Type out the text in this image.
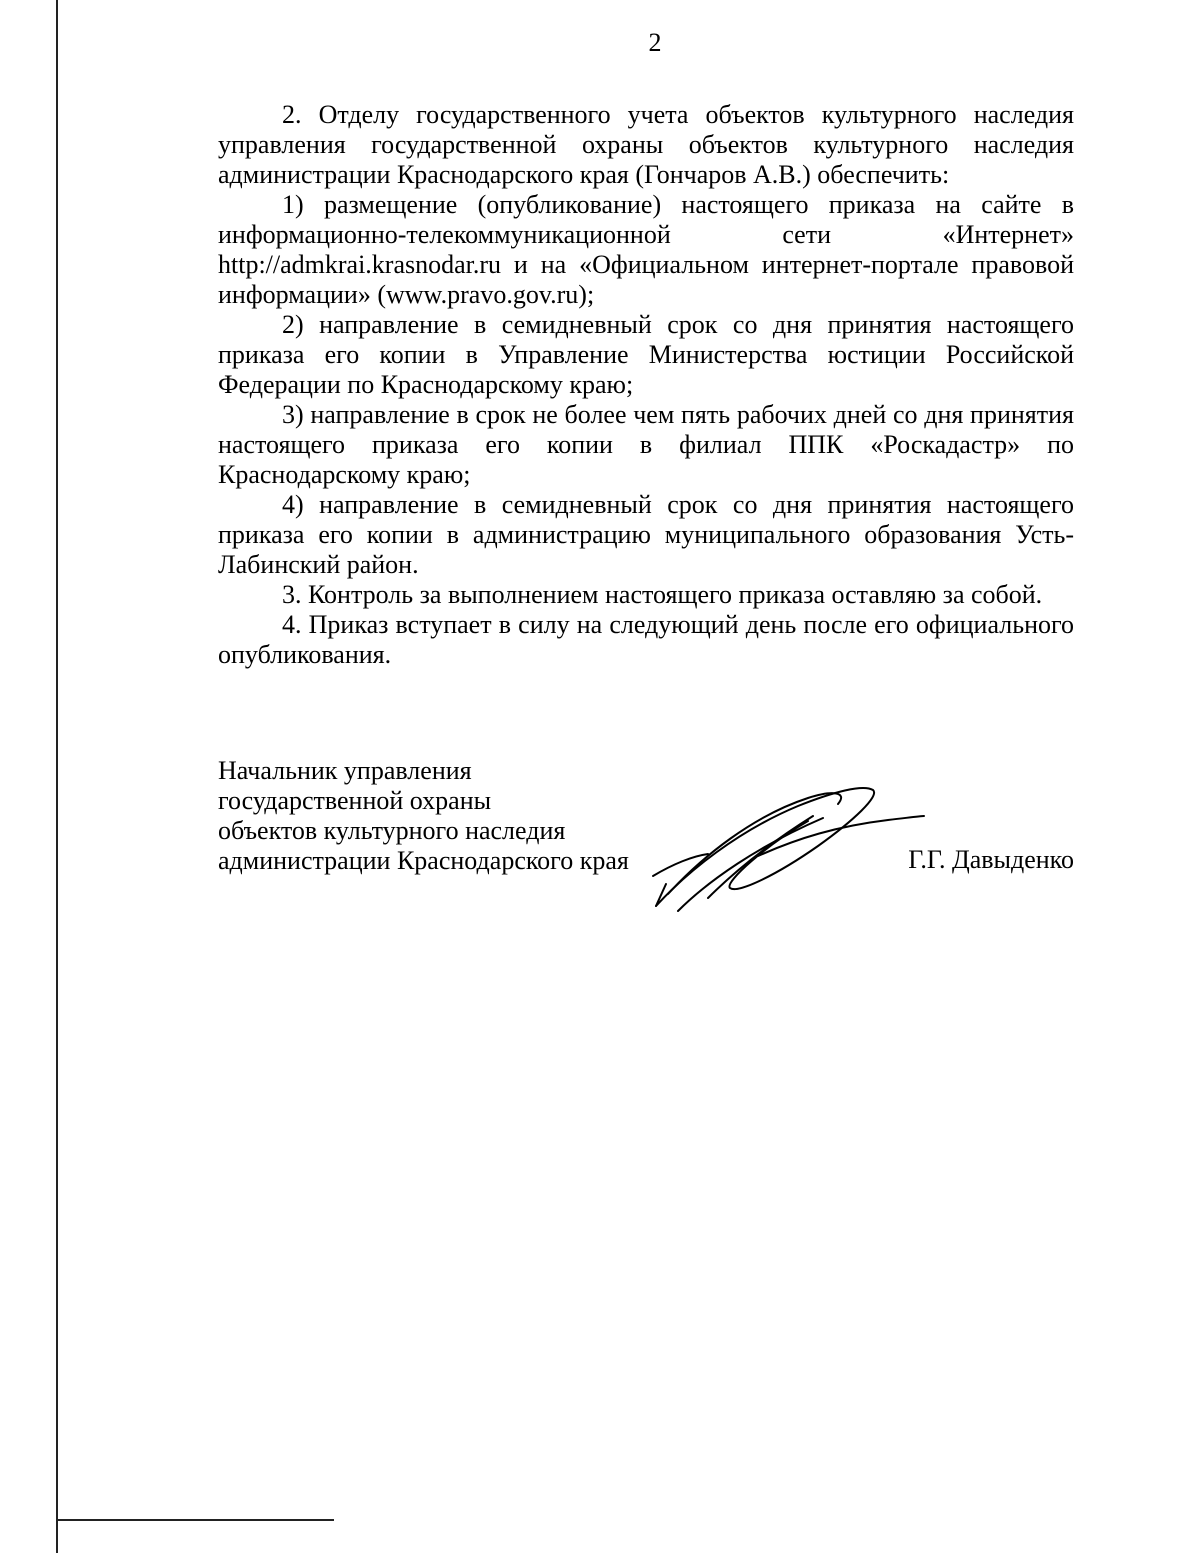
2

2. Отделу государственного учета объектов культурного наследия управления государственной охраны объектов культурного наследия администрации Краснодарского края (Гончаров А.В.) обеспечить:

1) размещение (опубликование) настоящего приказа на сайте в информационно-телекоммуникационной сети «Интернет» http://admkrai.krasnodar.ru и на «Официальном интернет-портале правовой информации» (www.pravo.gov.ru);

2) направление в семидневный срок со дня принятия настоящего приказа его копии в Управление Министерства юстиции Российской Федерации по Краснодарскому краю;

3) направление в срок не более чем пять рабочих дней со дня принятия настоящего приказа его копии в филиал ППК «Роскадастр» по Краснодарскому краю;

4) направление в семидневный срок со дня принятия настоящего приказа его копии в администрацию муниципального образования Усть-Лабинский район.

3. Контроль за выполнением настоящего приказа оставляю за собой.

4. Приказ вступает в силу на следующий день после его официального опубликования.

Начальник управления

государственной охраны

объектов культурного наследия

администрации Краснодарского края	Г.Г. Давыденко
